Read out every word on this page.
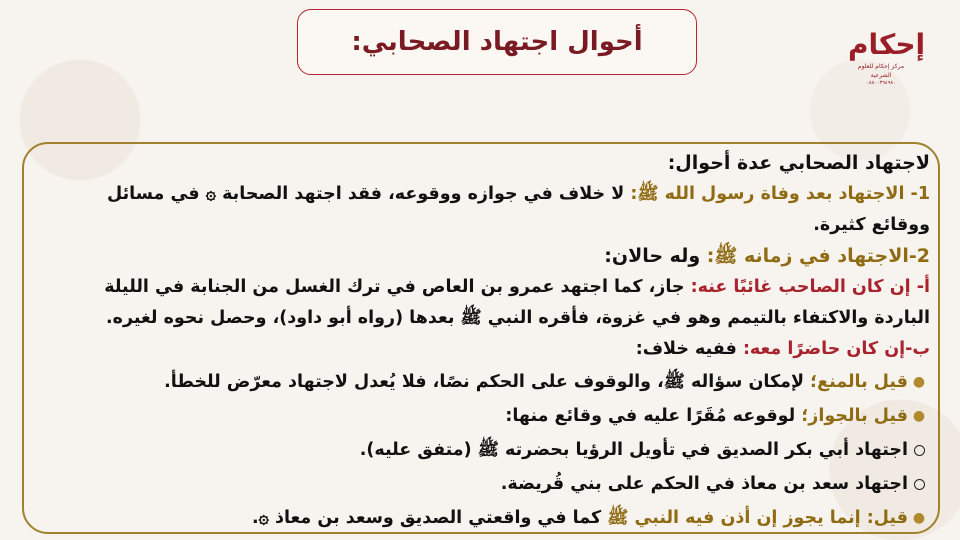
أحوال اجتهاد الصحابي:	إحكام
مركز إحكام للعلوم الشرعية
٠٨٨٠٠٣٩٤٩٨٠
لاجتهاد الصحابي عدة أحوال:
1- الاجتهاد بعد وفاة رسول الله ﷺ: لا خلاف في جوازه ووقوعه، فقد اجتهد الصحابة ۞ في مسائل
ووقائع كثيرة.
2-الاجتهاد في زمانه ﷺ: وله حالان:
أ- إن كان الصاحب غائبًا عنه: جاز، كما اجتهد عمرو بن العاص في ترك الغسل من الجنابة في الليلة
الباردة والاكتفاء بالتيمم وهو في غزوة، فأقره النبي ﷺ بعدها (رواه أبو داود)، وحصل نحوه لغيره.
ب-إن كان حاضرًا معه: ففيه خلاف:
●
قيل بالمنع؛ لإمكان سؤاله ﷺ، والوقوف على الحكم نصًا، فلا يُعدل لاجتهاد معرّض للخطأ.
●
قيل بالجواز؛ لوقوعه مُقَرًا عليه في وقائع منها:
اجتهاد أبي بكر الصديق في تأويل الرؤيا بحضرته ﷺ (متفق عليه).
اجتهاد سعد بن معاذ في الحكم على بني قُريضة.
●
قيل: إنما يجوز إن أذن فيه النبي ﷺ كما في واقعتي الصديق وسعد بن معاذ ۞.
